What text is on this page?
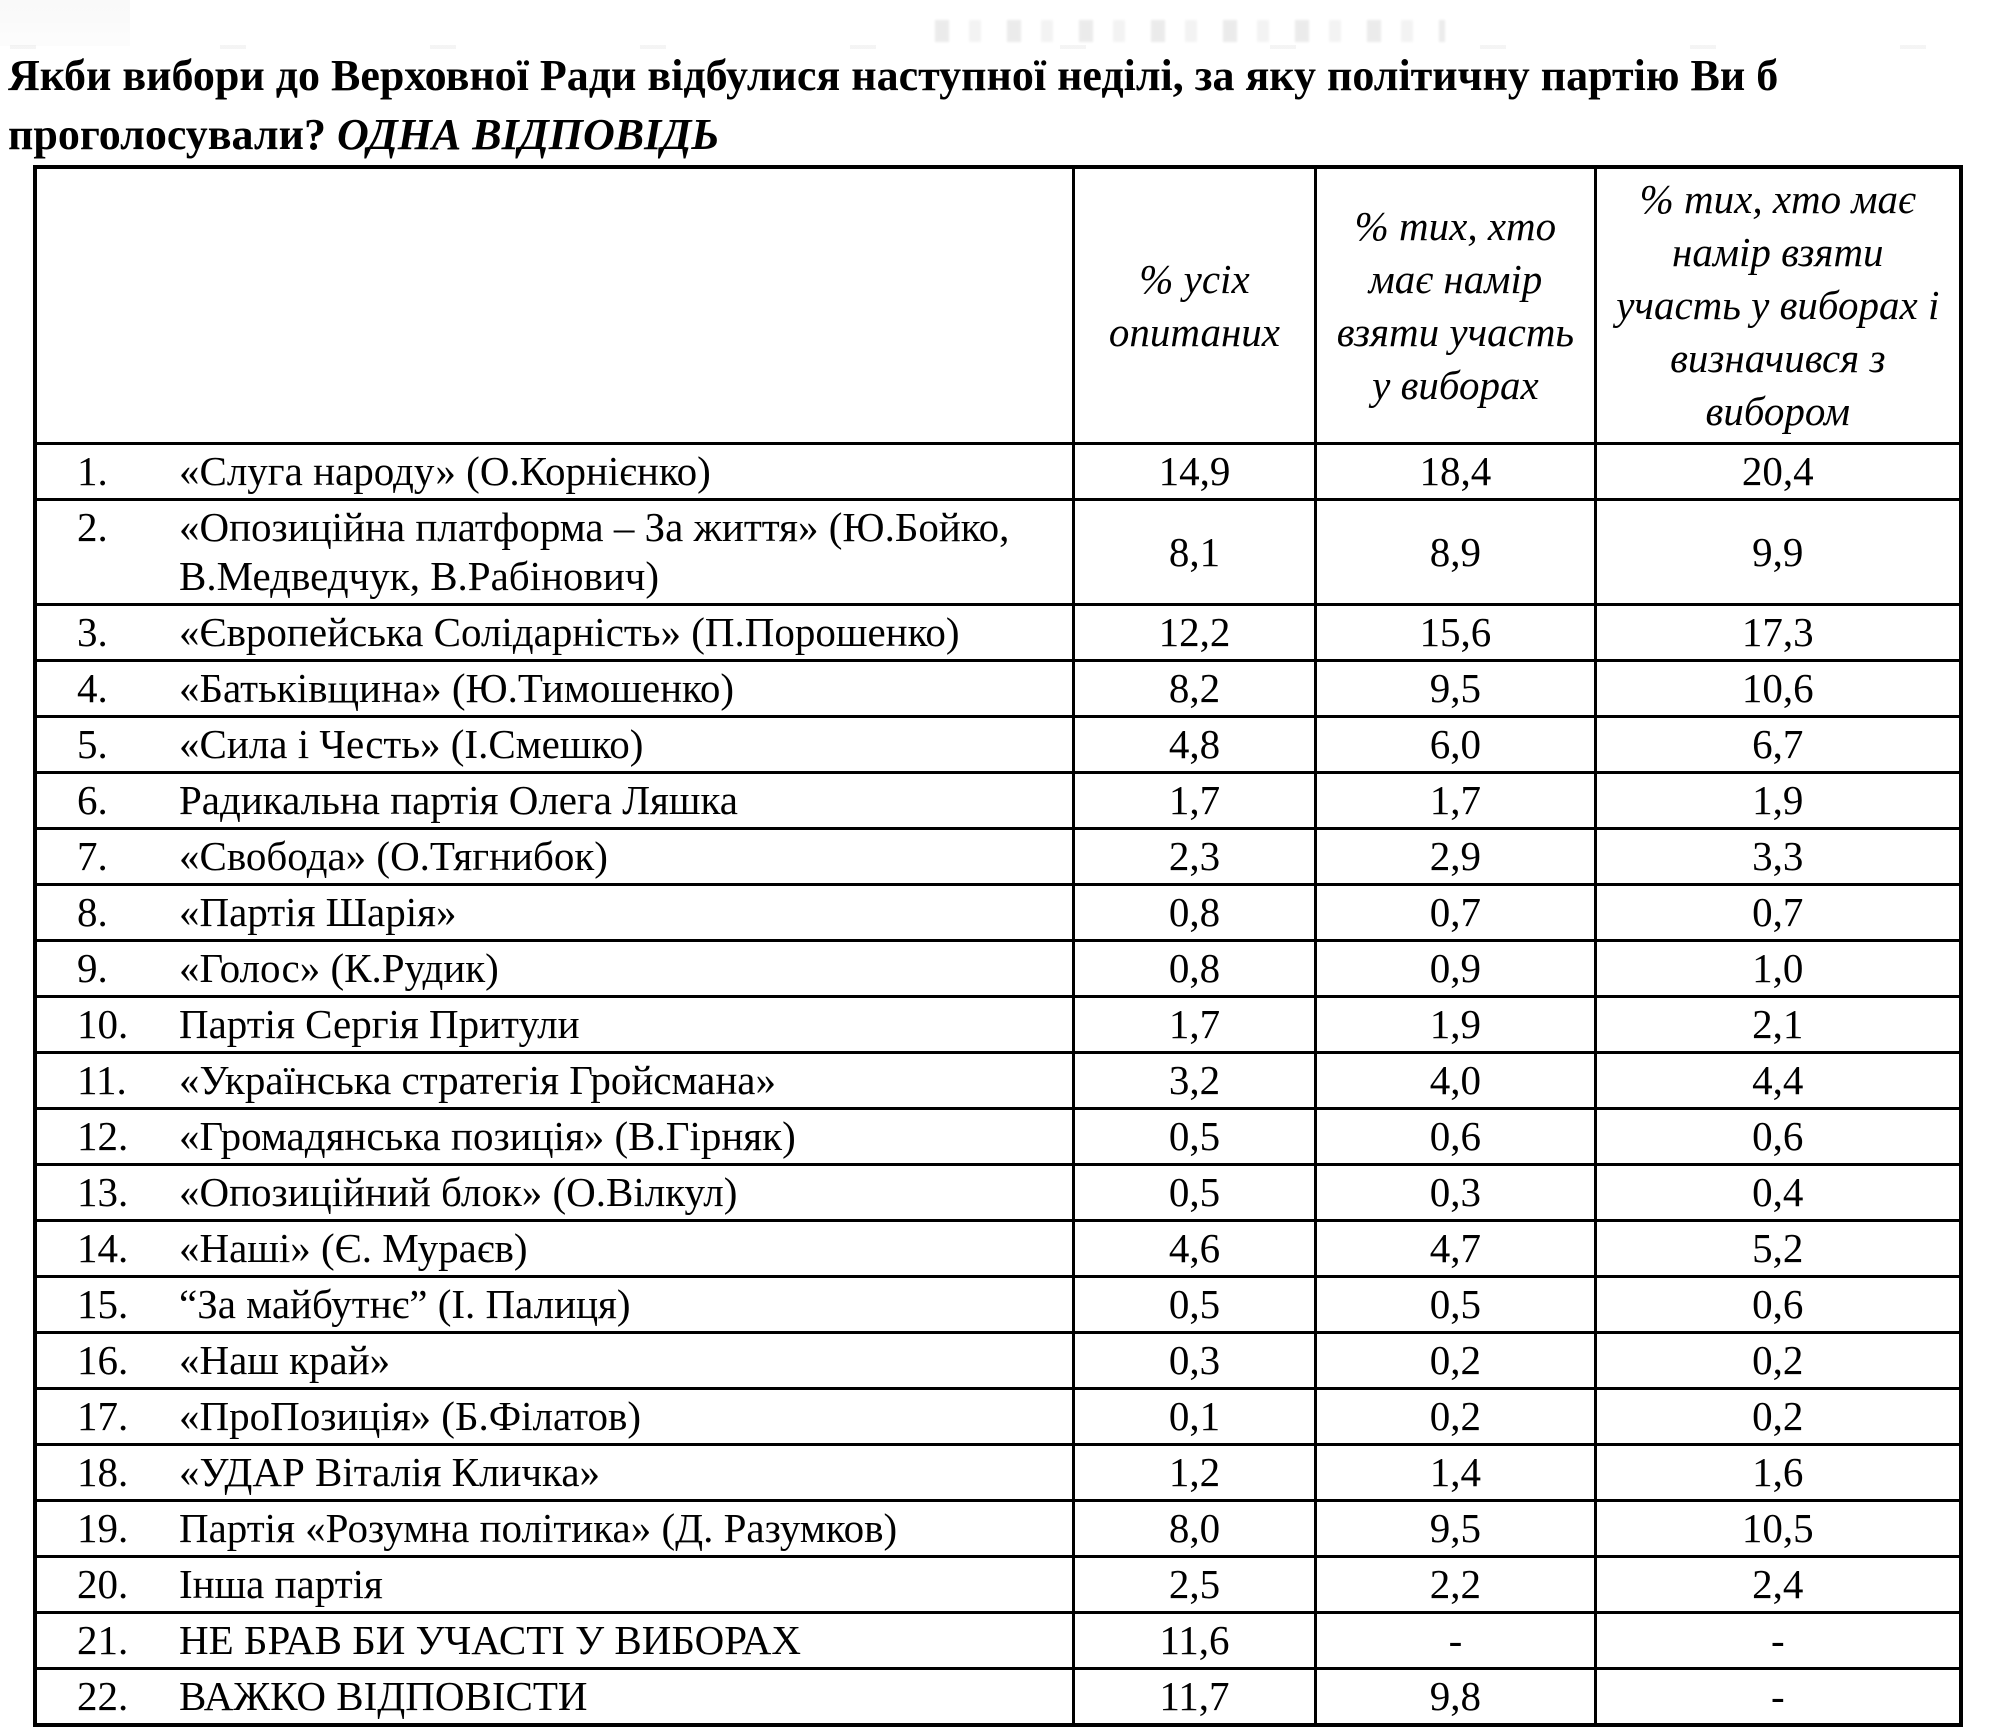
Якби вибори до Верховної Ради відбулися наступної неділі, за яку політичну партію Ви б
проголосували? ОДНА ВІДПОВІДЬ
	% усіх опитаних	% тих, хто має намір взяти участь у виборах	% тих, хто має намір взяти участь у виборах і визначився з вибором

1. «Слуга народу» (О.Корнієнко)	14,9	18,4	20,4

2. «Опозиційна платформа – За життя» (Ю.Бойко, В.Медведчук, В.Рабінович)	8,1	8,9	9,9

3. «Європейська Солідарність» (П.Порошенко)	12,2	15,6	17,3

4. «Батьківщина» (Ю.Тимошенко)	8,2	9,5	10,6

5. «Сила і Честь» (І.Смешко)	4,8	6,0	6,7

6. Радикальна партія Олега Ляшка	1,7	1,7	1,9

7. «Свобода» (О.Тягнибок)	2,3	2,9	3,3

8. «Партія Шарія»	0,8	0,7	0,7

9. «Голос» (К.Рудик)	0,8	0,9	1,0

10. Партія Сергія Притули	1,7	1,9	2,1

11. «Українська стратегія Гройсмана»	3,2	4,0	4,4

12. «Громадянська позиція» (В.Гірняк)	0,5	0,6	0,6

13. «Опозиційний блок» (О.Вілкул)	0,5	0,3	0,4

14. «Наші» (Є. Мураєв)	4,6	4,7	5,2

15. “За майбутнє” (І. Палиця)	0,5	0,5	0,6

16. «Наш край»	0,3	0,2	0,2

17. «ПроПозиція» (Б.Філатов)	0,1	0,2	0,2

18. «УДАР Віталія Кличка»	1,2	1,4	1,6

19. Партія «Розумна політика» (Д. Разумков)	8,0	9,5	10,5

20. Інша партія	2,5	2,2	2,4

21. НЕ БРАВ БИ УЧАСТІ У ВИБОРАХ	11,6	-	-

22. ВАЖКО ВІДПОВІСТИ	11,7	9,8	-
